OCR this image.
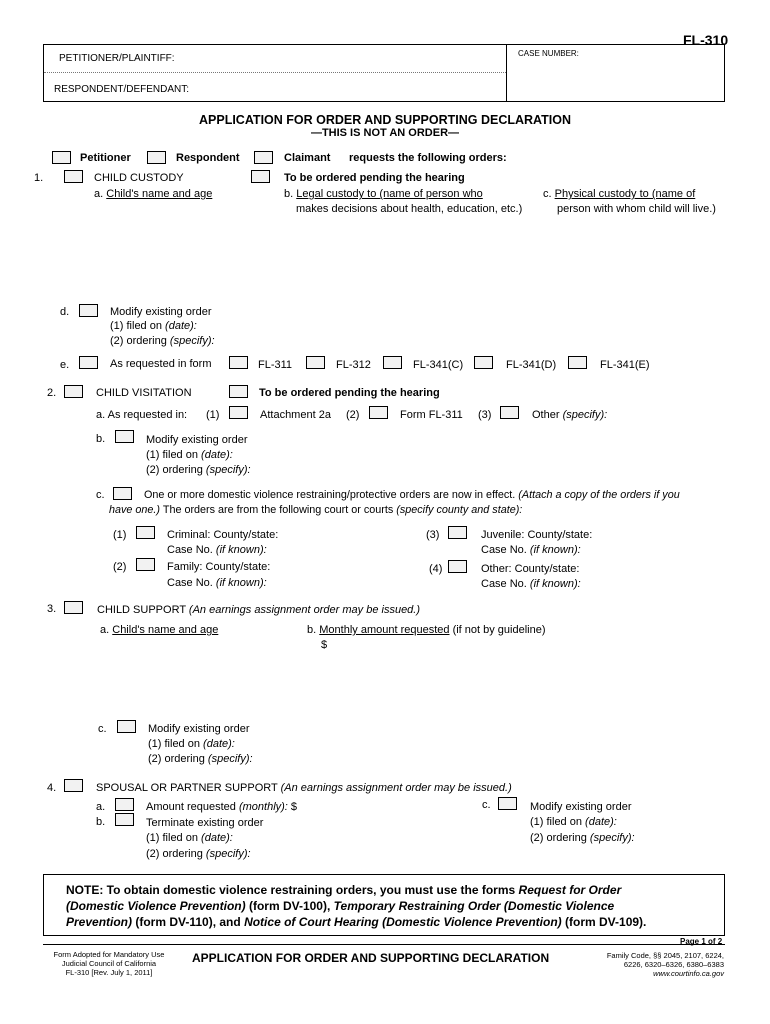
FL-310
PETITIONER/PLAINTIFF:	CASE NUMBER:
RESPONDENT/DEFENDANT:
APPLICATION FOR ORDER AND SUPPORTING DECLARATION
—THIS IS NOT AN ORDER—
Petitioner	Respondent	Claimant requests the following orders:
1.	CHILD CUSTODY	To be ordered pending the hearing
a. Child's name and age	b. Legal custody to (name of person who
makes decisions about health, education, etc.)
c. Physical custody to (name of
person with whom child will live.)
d.	Modify existing order
(1) filed on (date):
(2) ordering (specify):
e.	As requested in form	FL-311	FL-312	FL-341(C)	FL-341(D)	FL-341(E)
2.	CHILD VISITATION	To be ordered pending the hearing
a. As requested in: (1)	Attachment 2a (2)	Form FL-311 (3)	Other (specify):
b.	Modify existing order
(1) filed on (date):
(2) ordering (specify):
c.	One or more domestic violence restraining/protective orders are now in effect. (Attach a copy of the orders if you
have one.) The orders are from the following court or courts (specify county and state):
(1)	Criminal: County/state:
Case No. (if known):
(2)	Family: County/state:
Case No. (if known):
(3)	Juvenile: County/state:
Case No. (if known):
(4)	Other: County/state:
Case No. (if known):
3.	CHILD SUPPORT (An earnings assignment order may be issued.)
a. Child's name and age	b. Monthly amount requested (if not by guideline)
$
c.	Modify existing order
(1) filed on (date):
(2) ordering (specify):
4.	SPOUSAL OR PARTNER SUPPORT (An earnings assignment order may be issued.)
a.	Amount requested (monthly): $
b.	Terminate existing order
(1) filed on (date):
(2) ordering (specify):
c.	Modify existing order
(1) filed on (date):
(2) ordering (specify):
NOTE: To obtain domestic violence restraining orders, you must use the forms Request for Order
(Domestic Violence Prevention) (form DV-100), Temporary Restraining Order (Domestic Violence
Prevention) (form DV-110), and Notice of Court Hearing (Domestic Violence Prevention) (form DV-109).
Page 1 of 2
Form Adopted for Mandatory Use
Judicial Council of California
FL-310 [Rev. July 1, 2011]
APPLICATION FOR ORDER AND SUPPORTING DECLARATION	Family Code, §§ 2045, 2107, 6224,
6226, 6320–6326, 6380–6383
www.courtinfo.ca.gov
